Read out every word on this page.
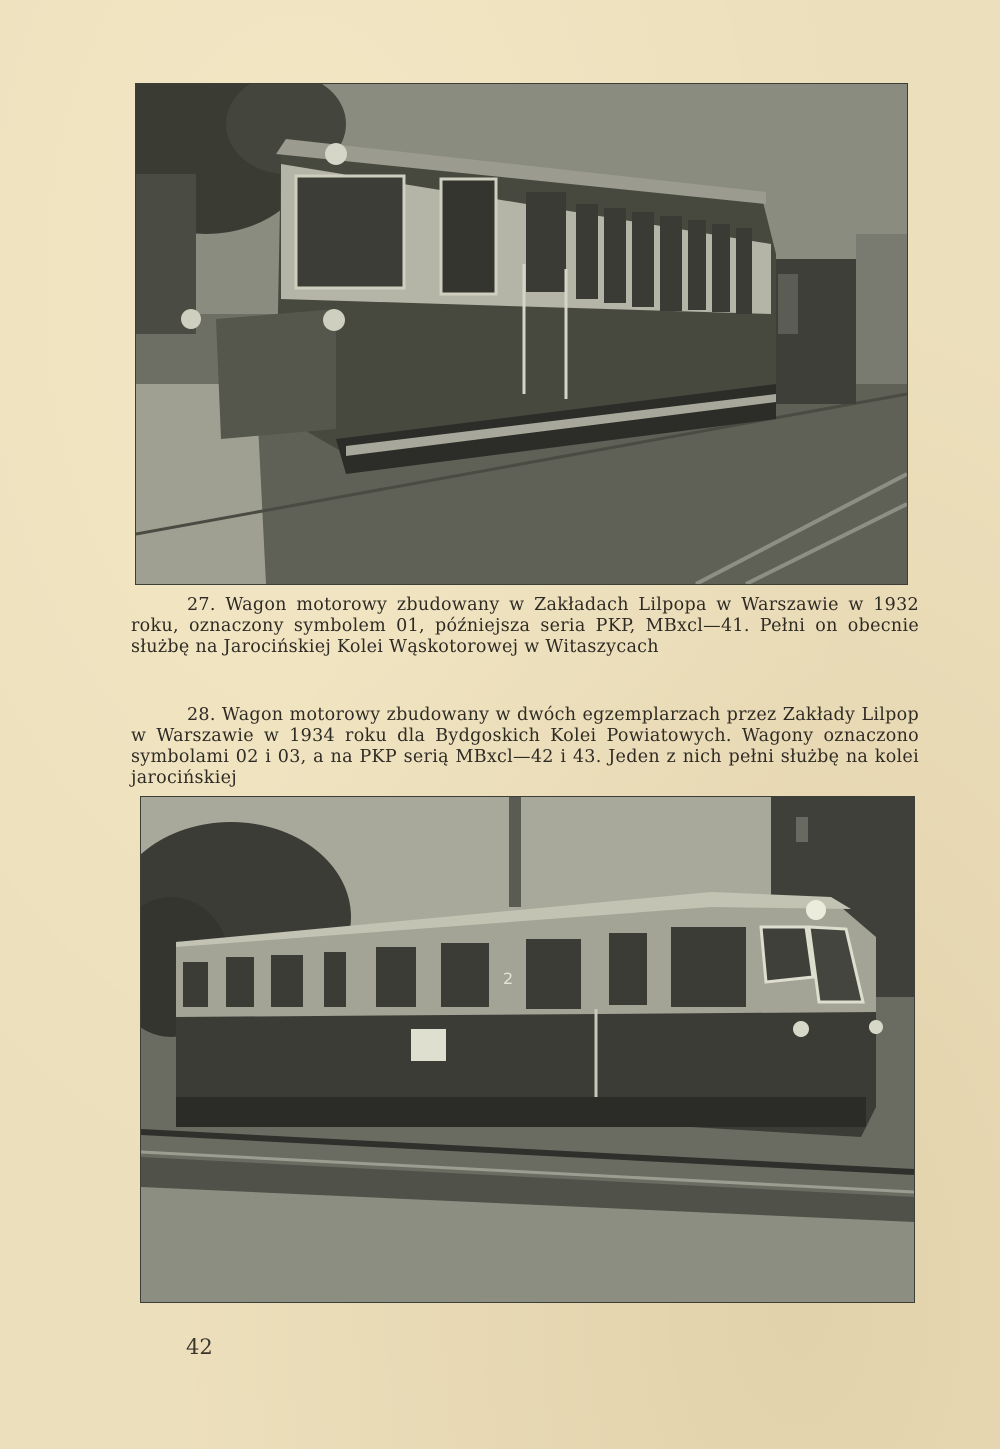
27. Wagon motorowy zbudowany w Zakładach Lilpopa w Warszawie w 1932 roku, oznaczony symbolem 01, późniejsza seria PKP, MBxcl—41. Pełni on obecnie służbę na Jarocińskiej Kolei Wąskotorowej w Witaszycach
28. Wagon motorowy zbudowany w dwóch egzemplarzach przez Zakłady Lilpop w Warszawie w 1934 roku dla Bydgoskich Kolei Powiatowych. Wagony oznaczono symbolami 02 i 03, a na PKP serią MBxcl—42 i 43. Jeden z nich pełni służbę na kolei jarocińskiej
2
42
